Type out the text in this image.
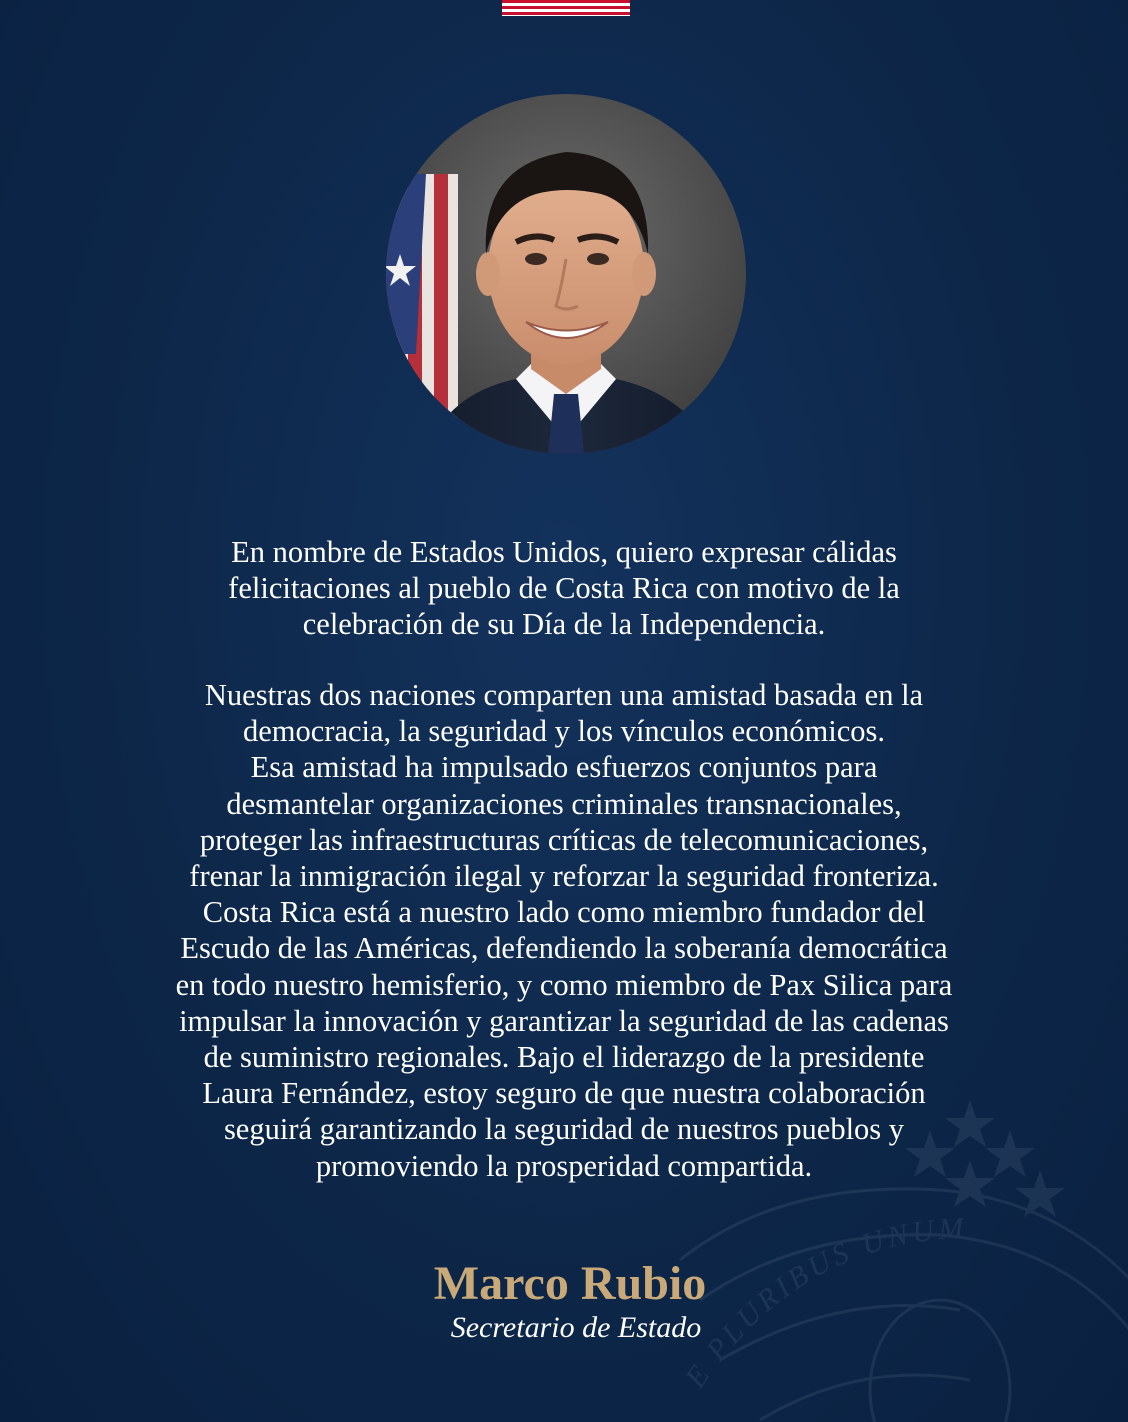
E PLURIBUS UNUM

En nombre de Estados Unidos, quiero expresar cálidas
felicitaciones al pueblo de Costa Rica con motivo de la
celebración de su Día de la Independencia.

Nuestras dos naciones comparten una amistad basada en la
democracia, la seguridad y los vínculos económicos.
Esa amistad ha impulsado esfuerzos conjuntos para
desmantelar organizaciones criminales transnacionales,
proteger las infraestructuras críticas de telecomunicaciones,
frenar la inmigración ilegal y reforzar la seguridad fronteriza.
Costa Rica está a nuestro lado como miembro fundador del
Escudo de las Américas, defendiendo la soberanía democrática
en todo nuestro hemisferio, y como miembro de Pax Silica para
impulsar la innovación y garantizar la seguridad de las cadenas
de suministro regionales. Bajo el liderazgo de la presidente
Laura Fernández, estoy seguro de que nuestra colaboración
seguirá garantizando la seguridad de nuestros pueblos y
promoviendo la prosperidad compartida.

Marco Rubio

Secretario de Estado
